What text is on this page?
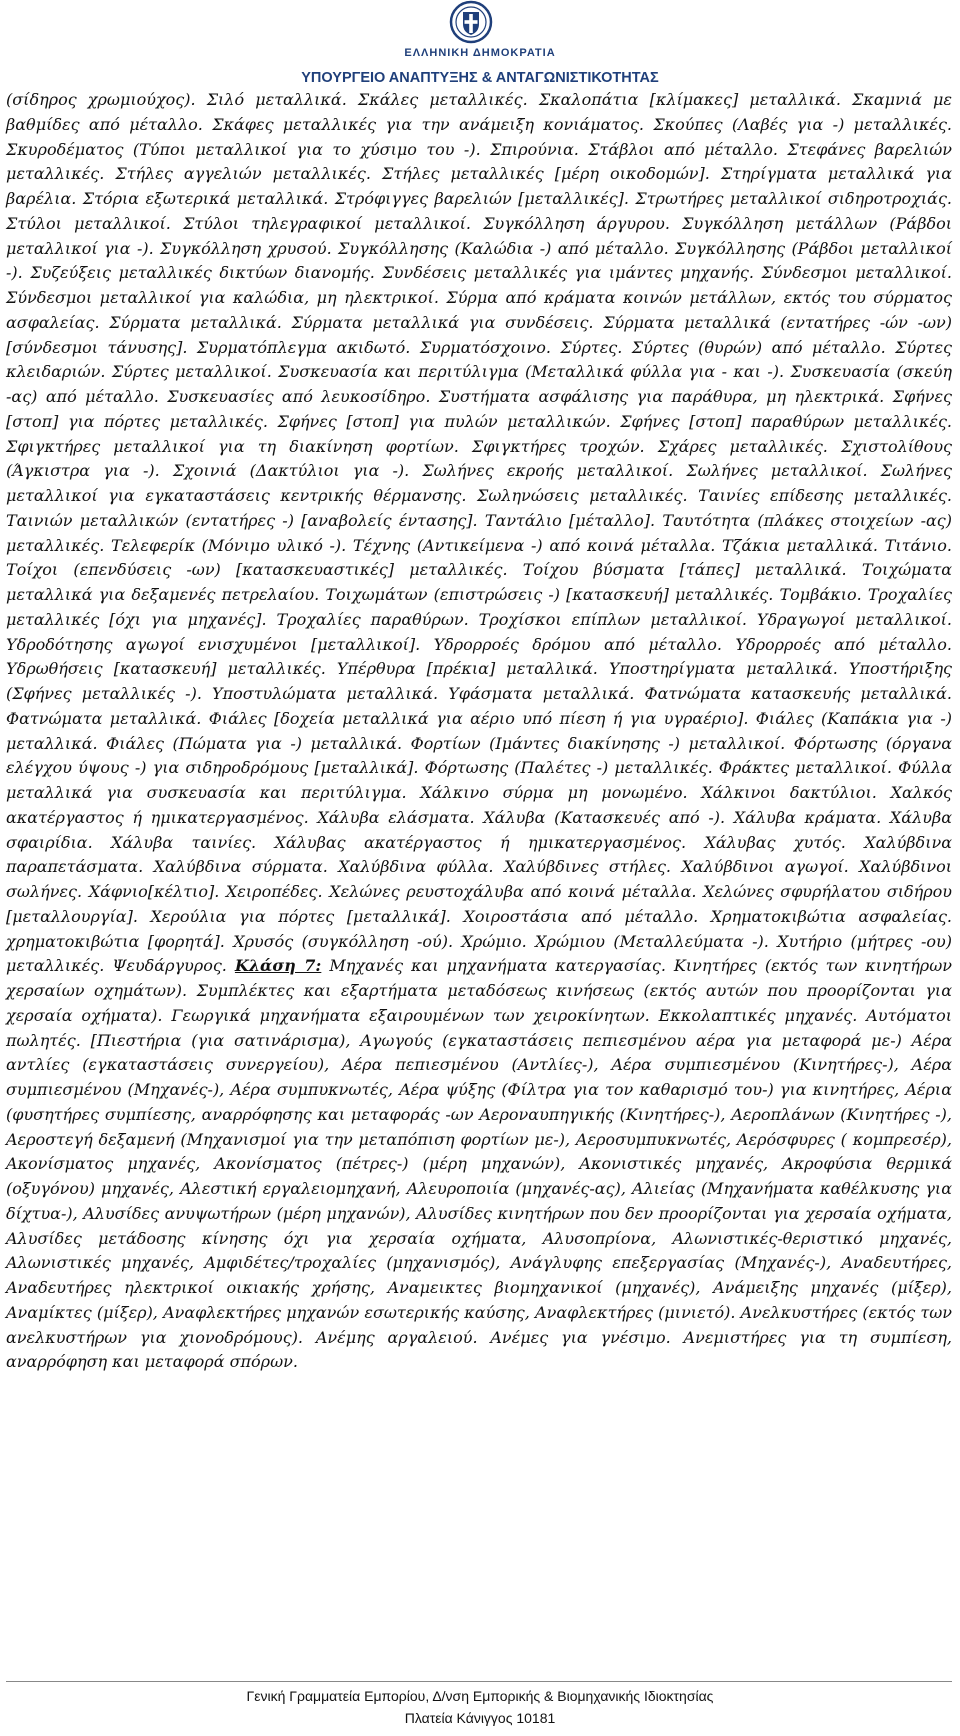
ΕΛΛΗΝΙΚΗ ΔΗΜΟΚΡΑΤΙΑ
ΥΠΟΥΡΓΕΙΟ ΑΝΑΠΤΥΞΗΣ & ΑΝΤΑΓΩΝΙΣΤΙΚΟΤΗΤΑΣ

(σίδηρος χρωμιούχος). Σιλό μεταλλικά. Σκάλες μεταλλικές. Σκαλοπάτια [κλίμακες] μεταλλικά. Σκαμνιά με βαθμίδες από μέταλλο. Σκάφες μεταλλικές για την ανάμειξη κονιάματος. Σκούπες (Λαβές για -) μεταλλικές. Σκυροδέματος (Τύποι μεταλλικοί για το χύσιμο του -). Σπιρούνια. Στάβλοι από μέταλλο. Στεφάνες βαρελιών μεταλλικές. Στήλες αγγελιών μεταλλικές. Στήλες μεταλλικές [μέρη οικοδομών]. Στηρίγματα μεταλλικά για βαρέλια. Στόρια εξωτερικά μεταλλικά. Στρόφιγγες βαρελιών [μεταλλικές]. Στρωτήρες μεταλλικοί σιδηροτροχιάς. Στύλοι μεταλλικοί. Στύλοι τηλεγραφικοί μεταλλικοί. Συγκόλληση άργυρου. Συγκόλληση μετάλλων (Ράβδοι μεταλλικοί για -). Συγκόλληση χρυσού. Συγκόλλησης (Καλώδια -) από μέταλλο. Συγκόλλησης (Ράβδοι μεταλλικοί -). Συζεύξεις μεταλλικές δικτύων διανομής. Συνδέσεις μεταλλικές για ιμάντες μηχανής. Σύνδεσμοι μεταλλικοί. Σύνδεσμοι μεταλλικοί για καλώδια, μη ηλεκτρικοί. Σύρμα από κράματα κοινών μετάλλων, εκτός του σύρματος ασφαλείας. Σύρματα μεταλλικά. Σύρματα μεταλλικά για συνδέσεις. Σύρματα μεταλλικά (εντατήρες -ών -ων) [σύνδεσμοι τάνυσης]. Συρματόπλεγμα ακιδωτό. Συρματόσχοινο. Σύρτες. Σύρτες (θυρών) από μέταλλο. Σύρτες κλειδαριών. Σύρτες μεταλλικοί. Συσκευασία και περιτύλιγμα (Μεταλλικά φύλλα για - και -). Συσκευασία (σκεύη -ας) από μέταλλο. Συσκευασίες από λευκοσίδηρο. Συστήματα ασφάλισης για παράθυρα, μη ηλεκτρικά. Σφήνες [στοπ] για πόρτες μεταλλικές. Σφήνες [στοπ] για πυλών μεταλλικών. Σφήνες [στοπ] παραθύρων μεταλλικές. Σφιγκτήρες μεταλλικοί για τη διακίνηση φορτίων. Σφιγκτήρες τροχών. Σχάρες μεταλλικές. Σχιστολίθους (Άγκιστρα για -). Σχοινιά (Δακτύλιοι για -). Σωλήνες εκροής μεταλλικοί. Σωλήνες μεταλλικοί. Σωλήνες μεταλλικοί για εγκαταστάσεις κεντρικής θέρμανσης. Σωληνώσεις μεταλλικές. Ταινίες επίδεσης μεταλλικές. Ταινιών μεταλλικών (εντατήρες -) [αναβολείς έντασης]. Ταντάλιο [μέταλλο]. Ταυτότητα (πλάκες στοιχείων -ας) μεταλλικές. Τελεφερίκ (Μόνιμο υλικό -). Τέχνης (Αντικείμενα -) από κοινά μέταλλα. Τζάκια μεταλλικά. Τιτάνιο. Τοίχοι (επενδύσεις -ων) [κατασκευαστικές] μεταλλικές. Τοίχου βύσματα [τάπες] μεταλλικά. Τοιχώματα μεταλλικά για δεξαμενές πετρελαίου. Τοιχωμάτων (επιστρώσεις -) [κατασκευή] μεταλλικές. Τομβάκιο. Τροχαλίες μεταλλικές [όχι για μηχανές]. Τροχαλίες παραθύρων. Τροχίσκοι επίπλων μεταλλικοί. Υδραγωγοί μεταλλικοί. Υδροδότησης αγωγοί ενισχυμένοι [μεταλλικοί]. Υδρορροές δρόμου από μέταλλο. Υδρορροές από μέταλλο. Υδρωθήσεις [κατασκευή] μεταλλικές. Υπέρθυρα [πρέκια] μεταλλικά. Υποστηρίγματα μεταλλικά. Υποστήριξης (Σφήνες μεταλλικές -). Υποστυλώματα μεταλλικά. Υφάσματα μεταλλικά. Φατνώματα κατασκευής μεταλλικά. Φατνώματα μεταλλικά. Φιάλες [δοχεία μεταλλικά για αέριο υπό πίεση ή για υγραέριο]. Φιάλες (Καπάκια για -) μεταλλικά. Φιάλες (Πώματα για -) μεταλλικά. Φορτίων (Ιμάντες διακίνησης -) μεταλλικοί. Φόρτωσης (όργανα ελέγχου ύψους -) για σιδηροδρόμους [μεταλλικά]. Φόρτωσης (Παλέτες -) μεταλλικές. Φράκτες μεταλλικοί. Φύλλα μεταλλικά για συσκευασία και περιτύλιγμα. Χάλκινο σύρμα μη μονωμένο. Χάλκινοι δακτύλιοι. Χαλκός ακατέργαστος ή ημικατεργασμένος. Χάλυβα ελάσματα. Χάλυβα (Κατασκευές από -). Χάλυβα κράματα. Χάλυβα σφαιρίδια. Χάλυβα ταινίες. Χάλυβας ακατέργαστος ή ημικατεργασμένος. Χάλυβας χυτός. Χαλύβδινα παραπετάσματα. Χαλύβδινα σύρματα. Χαλύβδινα φύλλα. Χαλύβδινες στήλες. Χαλύβδινοι αγωγοί. Χαλύβδινοι σωλήνες. Χάφνιο[κέλτιο]. Χειροπέδες. Χελώνες ρευστοχάλυβα από κοινά μέταλλα. Χελώνες σφυρήλατου σιδήρου [μεταλλουργία]. Χερούλια για πόρτες [μεταλλικά]. Χοιροστάσια από μέταλλο. Χρηματοκιβώτια ασφαλείας. χρηματοκιβώτια [φορητά]. Χρυσός (συγκόλληση -ού). Χρώμιο. Χρώμιου (Μεταλλεύματα -). Χυτήριο (μήτρες -ου) μεταλλικές. Ψευδάργυρος. Κλάση 7: Μηχανές και μηχανήματα κατεργασίας. Κινητήρες (εκτός των κινητήρων χερσαίων οχημάτων). Συμπλέκτες και εξαρτήματα μεταδόσεως κινήσεως (εκτός αυτών που προορίζονται για χερσαία οχήματα). Γεωργικά μηχανήματα εξαιρουμένων των χειροκίνητων. Εκκολαπτικές μηχανές. Αυτόματοι πωλητές. [Πιεστήρια (για σατινάρισμα), Αγωγούς (εγκαταστάσεις πεπιεσμένου αέρα για μεταφορά με-) Αέρα αντλίες (εγκαταστάσεις συνεργείου), Αέρα πεπιεσμένου (Αντλίες-), Αέρα συμπιεσμένου (Κινητήρες-), Αέρα συμπιεσμένου (Μηχανές-), Αέρα συμπυκνωτές, Αέρα ψύξης (Φίλτρα για τον καθαρισμό του-) για κινητήρες, Αέρια (φυσητήρες συμπίεσης, αναρρόφησης και μεταφοράς -ων Αεροναυπηγικής (Κινητήρες-), Αεροπλάνων (Κινητήρες -), Αεροστεγή δεξαμενή (Μηχανισμοί για την μεταπόπιση φορτίων με-), Αεροσυμπυκνωτές, Αερόσφυρες ( κομπρεσέρ), Ακονίσματος μηχανές, Ακονίσματος (πέτρες-) (μέρη μηχανών), Ακονιστικές μηχανές, Ακροφύσια θερμικά (οξυγόνου) μηχανές, Αλεστική εργαλειομηχανή, Αλευροποιία (μηχανές-ας), Αλιείας (Μηχανήματα καθέλκυσης για δίχτυα-), Αλυσίδες ανυψωτήρων (μέρη μηχανών), Αλυσίδες κινητήρων που δεν προορίζονται για χερσαία οχήματα, Αλυσίδες μετάδοσης κίνησης όχι για χερσαία οχήματα, Αλυσοπρίονα, Αλωνιστικές-θεριστικό μηχανές, Αλωνιστικές μηχανές, Αμφιδέτες/τροχαλίες (μηχανισμός), Ανάγλυφης επεξεργασίας (Μηχανές-), Αναδευτήρες, Αναδευτήρες ηλεκτρικοί οικιακής χρήσης, Αναμεικτες βιομηχανικοί (μηχανές), Ανάμειξης μηχανές (μίξερ), Αναμίκτες (μίξερ), Αναφλεκτήρες μηχανών εσωτερικής καύσης, Αναφλεκτήρες (μινιετό). Ανελκυστήρες (εκτός των ανελκυστήρων για χιονοδρόμους). Ανέμης αργαλειού. Ανέμες για γνέσιμο. Ανεμιστήρες για τη συμπίεση, αναρρόφηση και μεταφορά σπόρων.

Γενική Γραμματεία Εμπορίου, Δ/νση Εμπορικής & Βιομηχανικής Ιδιοκτησίας
Πλατεία Κάνιγγος 10181
